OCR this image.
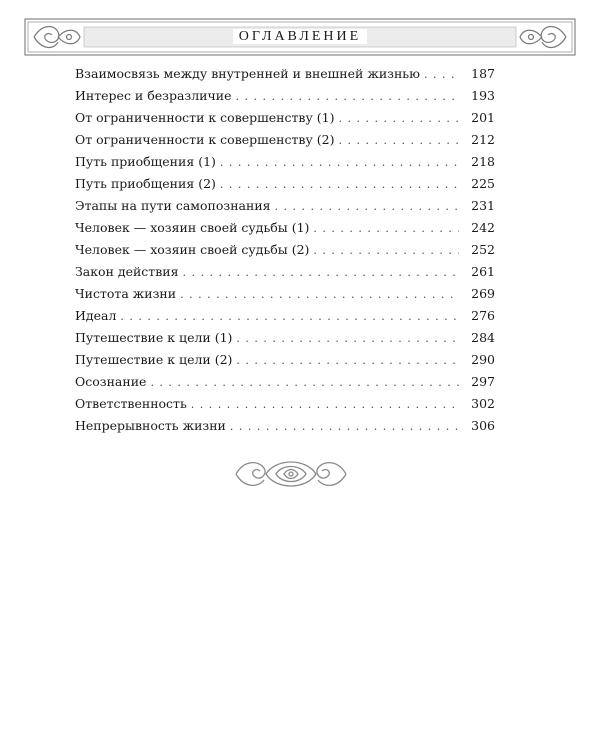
ОГЛАВЛЕНИЕ
Взаимосвязь между внутренней и внешней жизнью . . .	187
Интерес и безразличие . . .	193
От ограниченности к совершенству (1) . . .	201
От ограниченности к совершенству (2) . . .	212
Путь приобщения (1) . . .	218
Путь приобщения (2) . . .	225
Этапы на пути самопознания . . .	231
Человек — хозяин своей судьбы (1) . . .	242
Человек — хозяин своей судьбы (2) . . .	252
Закон действия . . .	261
Чистота жизни . . .	269
Идеал . . .	276
Путешествие к цели (1) . . .	284
Путешествие к цели (2) . . .	290
Осознание . . .	297
Ответственность . . .	302
Непрерывность жизни . . .	306
